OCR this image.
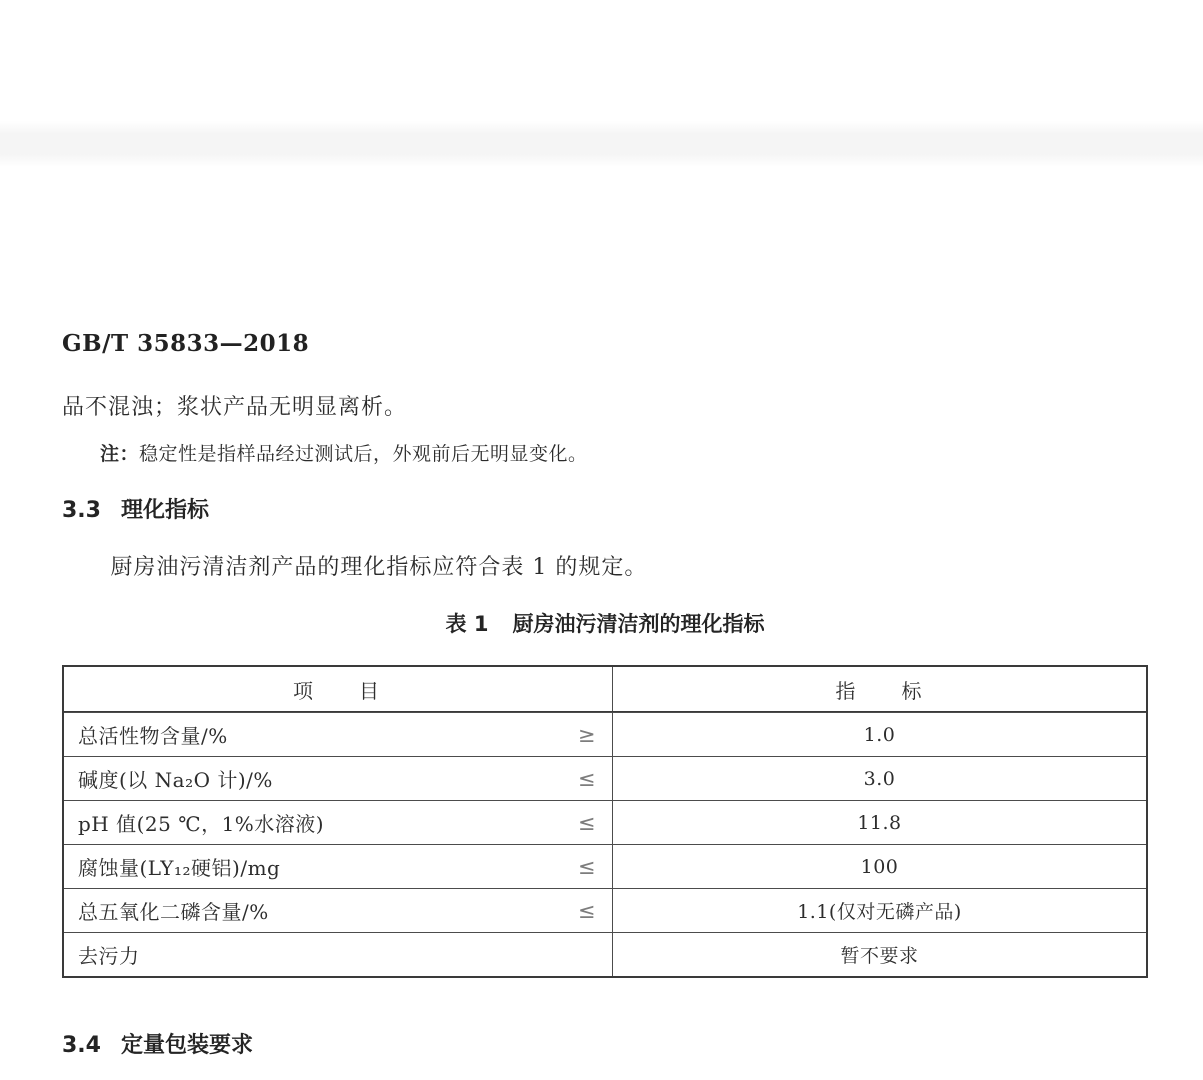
GB/T 35833—2018
品不混浊；浆状产品无明显离析。
注：稳定性是指样品经过测试后，外观前后无明显变化。
3.3 理化指标
厨房油污清洁剂产品的理化指标应符合表 1 的规定。
表 1 厨房油污清洁剂的理化指标
项　　目	指　　标
总活性物含量/%	≥	1.0
碱度(以 Na₂O 计)/%	≤	3.0
pH 值(25 ℃，1%水溶液)	≤	11.8
腐蚀量(LY₁₂硬铝)/mg	≤	100
总五氧化二磷含量/%	≤	1.1(仅对无磷产品)
去污力	暂不要求
3.4 定量包装要求
